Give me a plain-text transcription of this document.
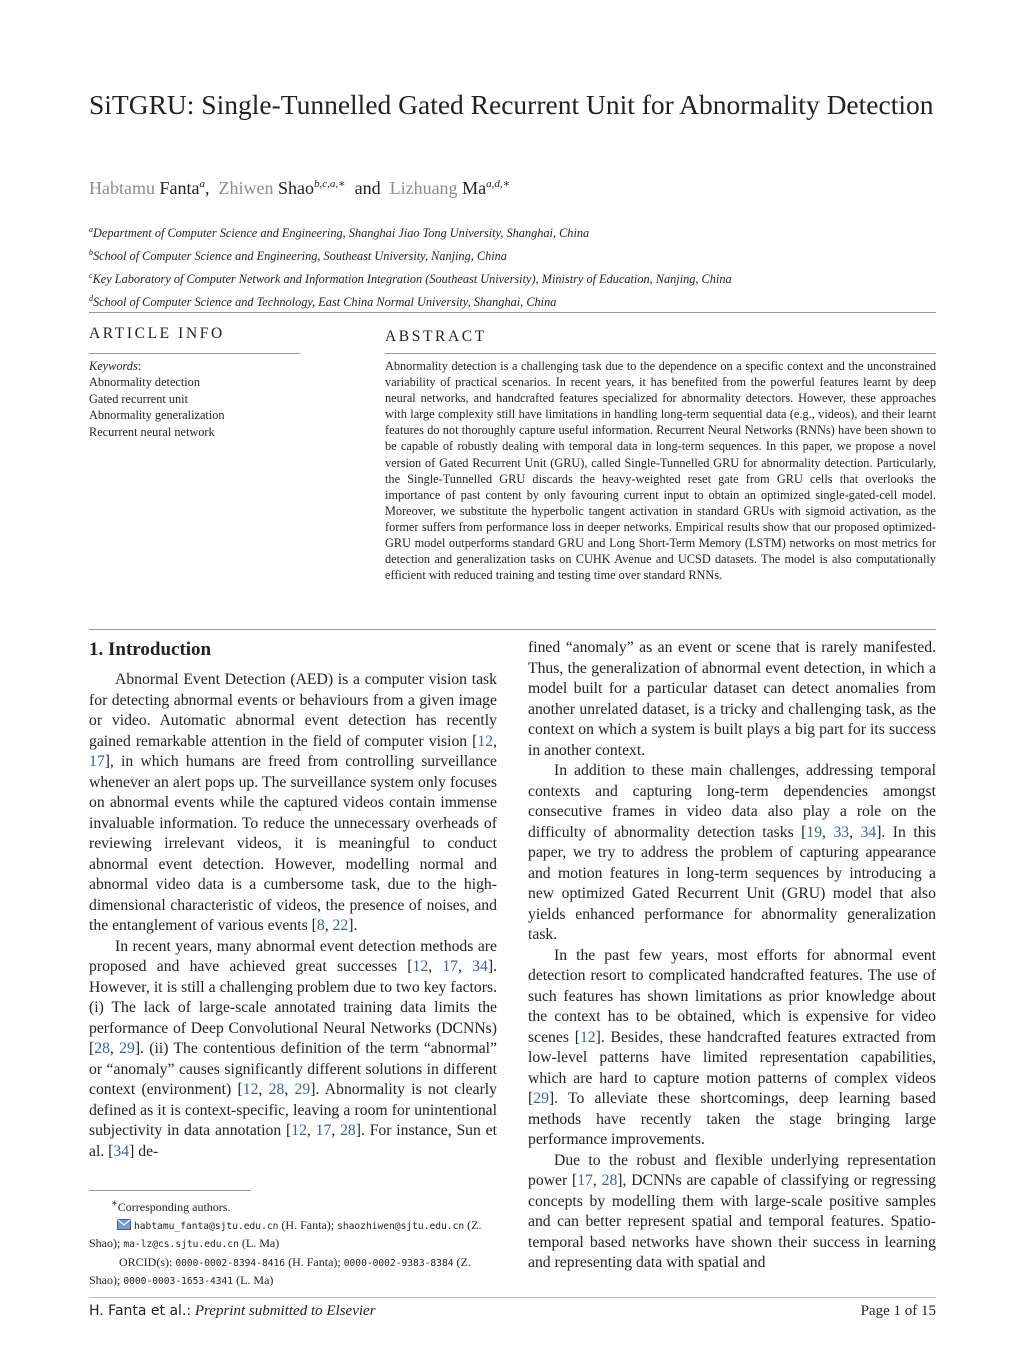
SiTGRU: Single-Tunnelled Gated Recurrent Unit for Abnormality Detection
Habtamu Fanta$^a$, Zhiwen Shao$^{b,c,a,∗}$ and Lizhuang $Ma^{a,d,∗}$
$^a$Department of Computer Science and Engineering, Shanghai Jiao Tong University, Shanghai, China
$^b$School of Computer Science and Engineering, Southeast University, Nanjing, China
$^c$Key Laboratory of Computer Network and Information Integration (Southeast University), Ministry of Education, Nanjing, China
$^d$School of Computer Science and Technology, East China Normal University, Shanghai, China
ARTICLE INFO	ABSTRACT
Keywords:
Abnormality detection
Gated recurrent unit
Abnormality generalization
Recurrent neural network
Abnormality detection is a challenging task due to the dependence on a specific context and the unconstrained variability of practical scenarios. In recent years, it has benefited from the powerful features learnt by deep neural networks, and handcrafted features specialized for abnormality detectors. However, these approaches with large complexity still have limitations in handling long-term sequential data (e.g., videos), and their learnt features do not thoroughly capture useful information. Recurrent Neural Networks (RNNs) have been shown to be capable of robustly dealing with temporal data in long-term sequences. In this paper, we propose a novel version of Gated Recurrent Unit (GRU), called Single-Tunnelled GRU for abnormality detection. Particularly, the Single-Tunnelled GRU discards the heavy-weighted reset gate from GRU cells that overlooks the importance of past content by only favouring current input to obtain an optimized single-gated-cell model. Moreover, we substitute the hyperbolic tangent activation in standard GRUs with sigmoid activation, as the former suffers from performance loss in deeper networks. Empirical results show that our proposed optimized-GRU model outperforms standard GRU and Long Short-Term Memory (LSTM) networks on most metrics for detection and generalization tasks on CUHK Avenue and UCSD datasets. The model is also computationally efficient with reduced training and testing time over standard RNNs.
1. Introduction

Abnormal Event Detection (AED) is a computer vision task for detecting abnormal events or behaviours from a given image or video. Automatic abnormal event detection has recently gained remarkable attention in the field of computer vision [12, 17], in which humans are freed from controlling surveillance whenever an alert pops up. The surveillance system only focuses on abnormal events while the captured videos contain immense invaluable information. To reduce the unnecessary overheads of reviewing irrelevant videos, it is meaningful to conduct abnormal event detection. However, modelling normal and abnormal video data is a cumbersome task, due to the high-dimensional characteristic of videos, the presence of noises, and the entanglement of various events [8, 22].

In recent years, many abnormal event detection methods are proposed and have achieved great successes [12, 17, 34]. However, it is still a challenging problem due to two key factors. (i) The lack of large-scale annotated training data limits the performance of Deep Convolutional Neural Networks (DCNNs) [28, 29]. (ii) The contentious definition of the term “abnormal” or “anomaly” causes significantly different solutions in different context (environment) [12, 28, 29]. Abnormality is not clearly defined as it is context-specific, leaving a room for unintentional subjectivity in data annotation [12, 17, 28]. For instance, Sun et al. [34] de-

fined “anomaly” as an event or scene that is rarely manifested. Thus, the generalization of abnormal event detection, in which a model built for a particular dataset can detect anomalies from another unrelated dataset, is a tricky and challenging task, as the context on which a system is built plays a big part for its success in another context.

In addition to these main challenges, addressing temporal contexts and capturing long-term dependencies amongst consecutive frames in video data also play a role on the difficulty of abnormality detection tasks [19, 33, 34]. In this paper, we try to address the problem of capturing appearance and motion features in long-term sequences by introducing a new optimized Gated Recurrent Unit (GRU) model that also yields enhanced performance for abnormality generalization task.

In the past few years, most efforts for abnormal event detection resort to complicated handcrafted features. The use of such features has shown limitations as prior knowledge about the context has to be obtained, which is expensive for video scenes [12]. Besides, these handcrafted features extracted from low-level patterns have limited representation capabilities, which are hard to capture motion patterns of complex videos [29]. To alleviate these shortcomings, deep learning based methods have recently taken the stage bringing large performance improvements.

Due to the robust and flexible underlying representation power [17, 28], DCNNs are capable of classifying or regressing concepts by modelling them with large-scale positive samples and can better represent spatial and temporal features. Spatio-temporal based networks have shown their success in learning and representing data with spatial and

∗Corresponding authors.
habtamu_fanta@sjtu.edu.cn (H. Fanta); shaozhiwen@sjtu.edu.cn (Z. Shao); ma-lz@cs.sjtu.edu.cn (L. Ma)
ORCID(s): 0000-0002-8394-8416 (H. Fanta); 0000-0002-9383-8384 (Z. Shao); 0000-0003-1653-4341 (L. Ma)
H. Fanta et al.: Preprint submitted to Elsevier	Page 1 of 15
